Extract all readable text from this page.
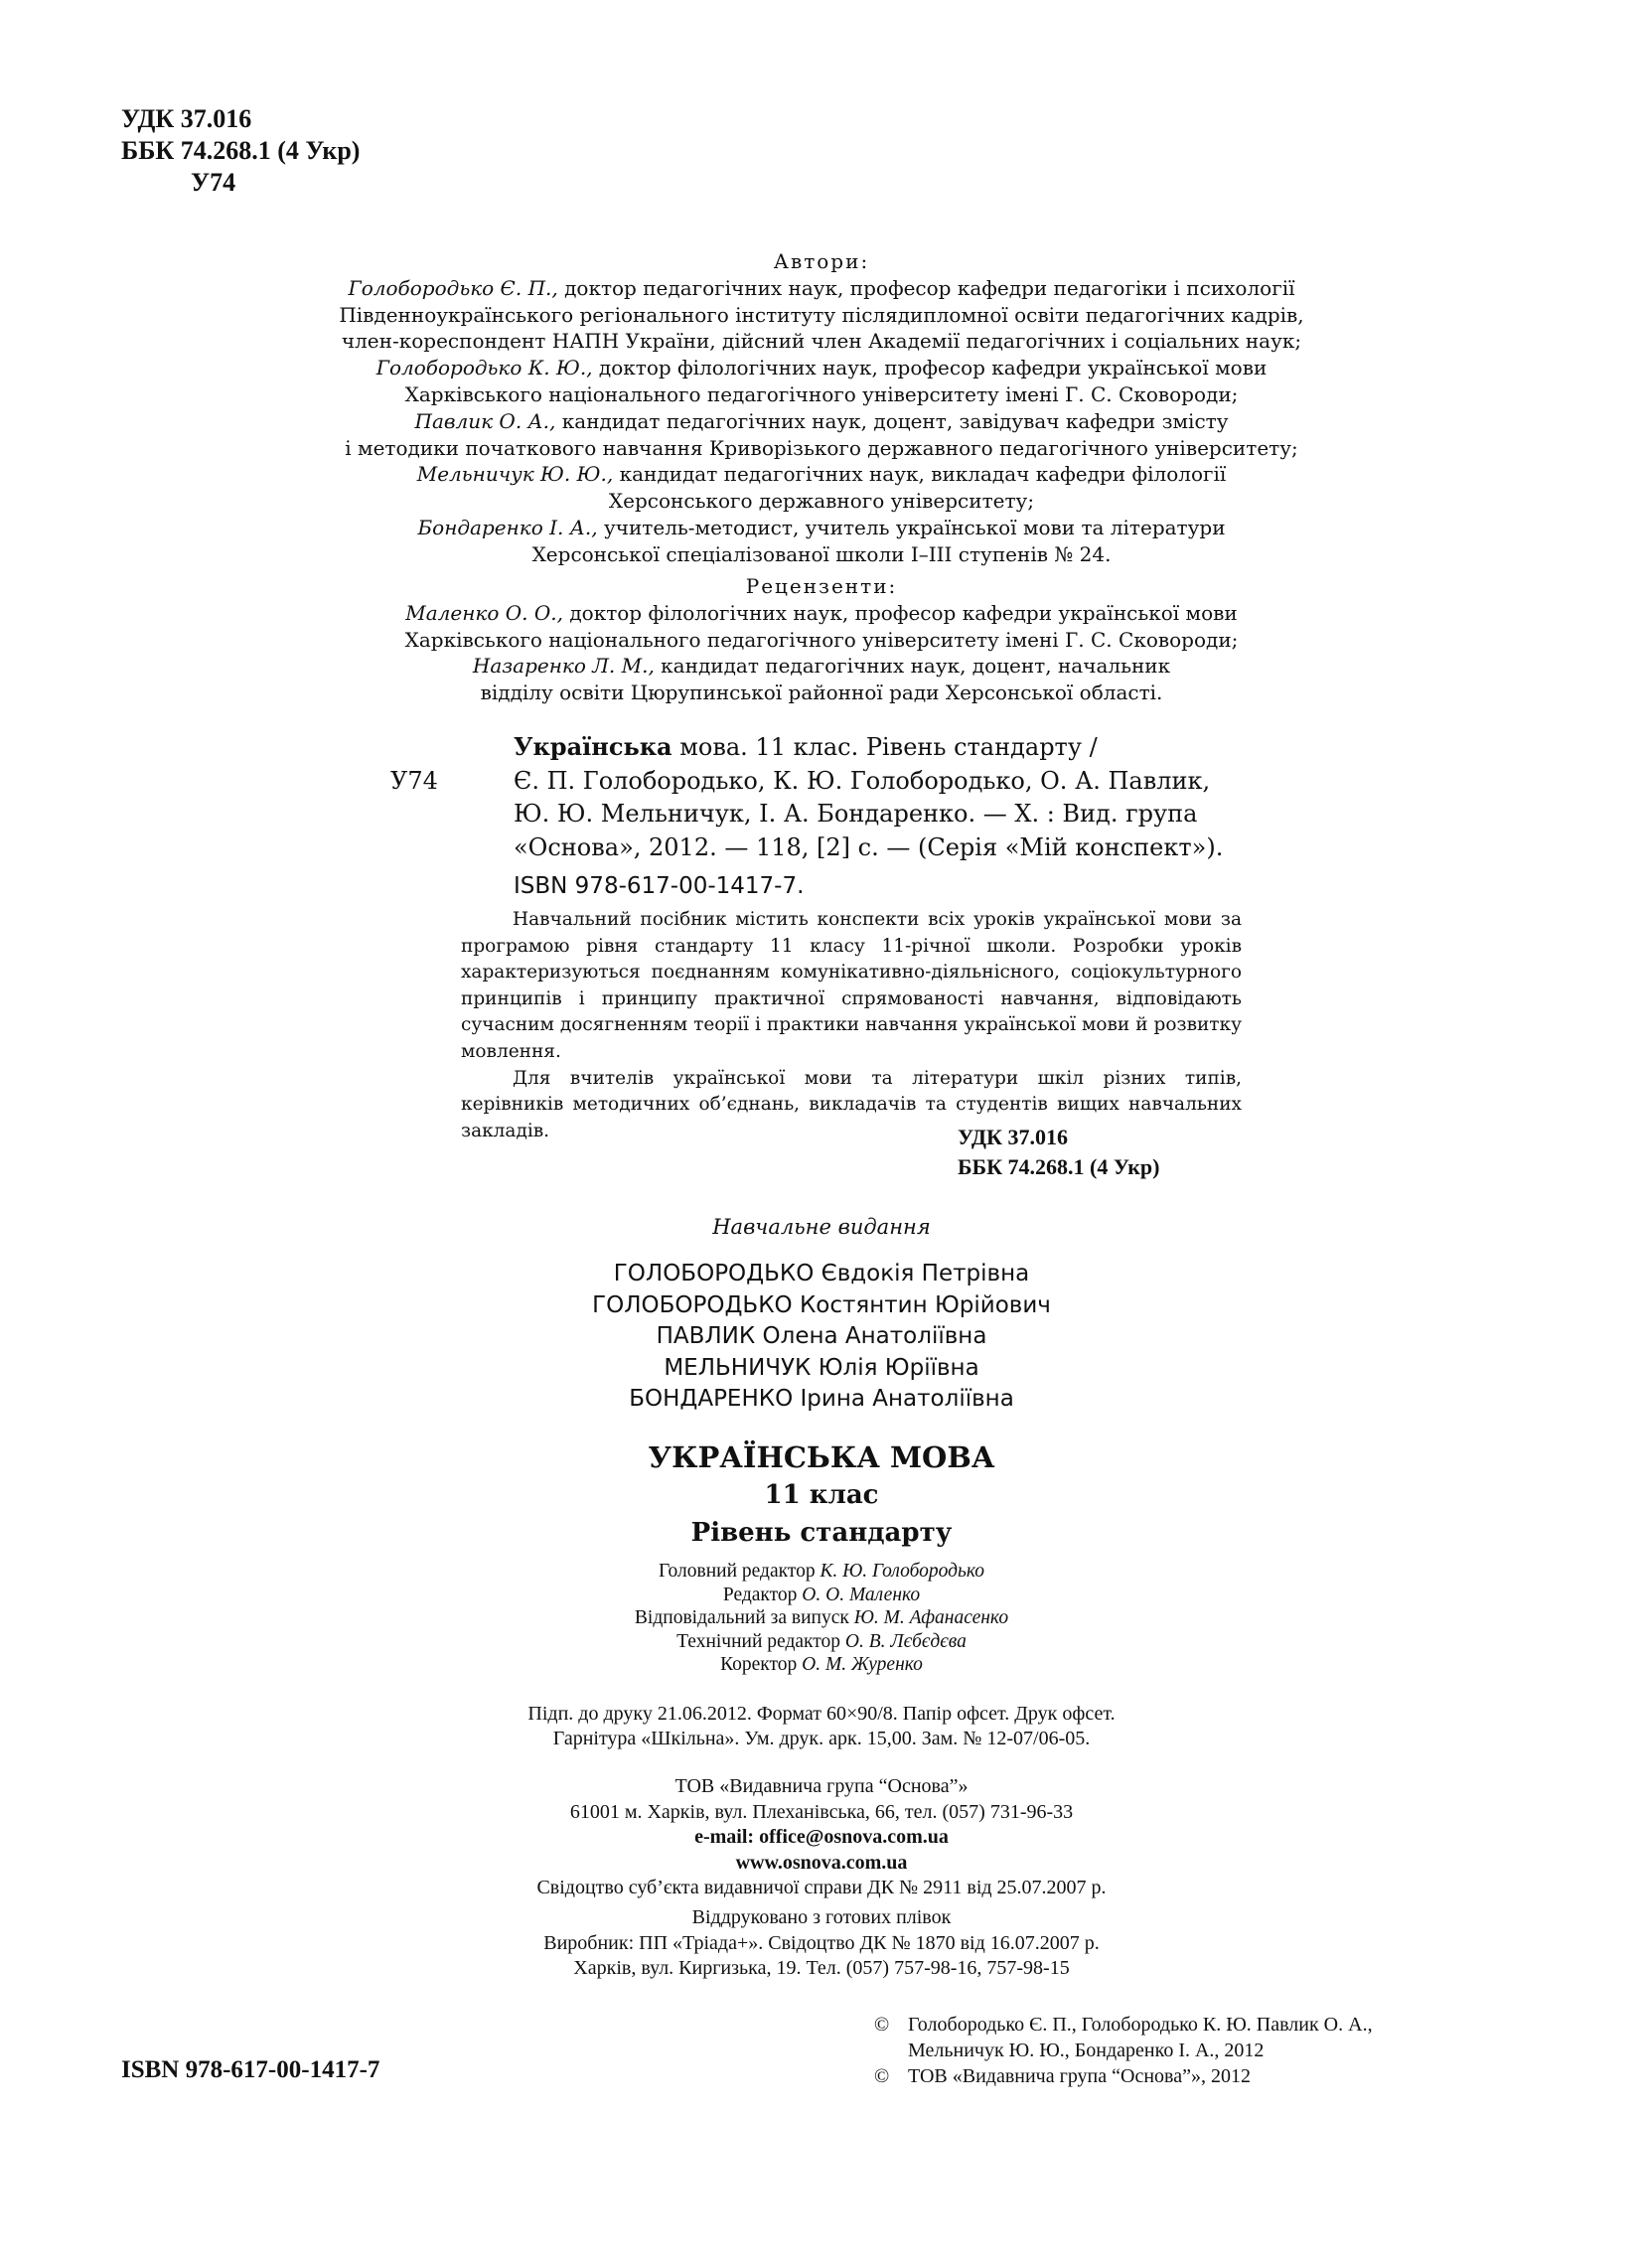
УДК 37.016
ББК 74.268.1 (4 Укр)
У74
Автори:
Голобородько Є. П., доктор педагогічних наук, професор кафедри педагогіки і психології
Південноукраїнського регіонального інституту післядипломної освіти педагогічних кадрів,
член-кореспондент НАПН України, дійсний член Академії педагогічних і соціальних наук;
Голобородько К. Ю., доктор філологічних наук, професор кафедри української мови
Харківського національного педагогічного університету імені Г. С. Сковороди;
Павлик О. А., кандидат педагогічних наук, доцент, завідувач кафедри змісту
і методики початкового навчання Криворізького державного педагогічного університету;
Мельничук Ю. Ю., кандидат педагогічних наук, викладач кафедри філології
Херсонського державного університету;
Бондаренко І. А., учитель-методист, учитель української мови та літератури
Херсонської спеціалізованої школи І–ІІІ ступенів № 24.
Рецензенти:
Маленко О. О., доктор філологічних наук, професор кафедри української мови
Харківського національного педагогічного університету імені Г. С. Сковороди;
Назаренко Л. М., кандидат педагогічних наук, доцент, начальник
відділу освіти Цюрупинської районної ради Херсонської області.
Українська мова. 11 клас. Рівень стандарту /
У74	Є. П. Голобородько, К. Ю. Голобородько, О. А. Павлик,
Ю. Ю. Мельничук, І. А. Бондаренко. — Х. : Вид. група
«Основа», 2012. — 118, [2] с. — (Серія «Мій конспект»).
ISBN 978-617-00-1417-7.

Навчальний посібник містить конспекти всіх уроків української мови за програмою рівня стандарту 11 класу 11-річної школи. Розробки уроків характеризуються поєднанням комунікативно-діяльнісного, соціокультурного принципів і принципу практичної спрямованості навчання, відповідають сучасним досягненням теорії і практики навчання української мови й розвитку мовлення.

Для вчителів української мови та літератури шкіл різних типів, керівників методичних об’єднань, викладачів та студентів вищих навчальних закладів.	УДК 37.016
ББК 74.268.1 (4 Укр)
Навчальне видання
ГОЛОБОРОДЬКО Євдокія Петрівна
ГОЛОБОРОДЬКО Костянтин Юрійович
ПАВЛИК Олена Анатоліївна
МЕЛЬНИЧУК Юлія Юріївна
БОНДАРЕНКО Ірина Анатоліївна
УКРАЇНСЬКА МОВА
11 клас
Рівень стандарту
Головний редактор К. Ю. Голобородько
Редактор О. О. Маленко
Відповідальний за випуск Ю. М. Афанасенко
Технічний редактор О. В. Лєбєдєва
Коректор О. М. Журенко
Підп. до друку 21.06.2012. Формат 60×90/8. Папір офсет. Друк офсет.
Гарнітура «Шкільна». Ум. друк. арк. 15,00. Зам. № 12-07/06-05.
ТОВ «Видавнича група “Основа”»
61001 м. Харків, вул. Плеханівська, 66, тел. (057) 731-96-33
e-mail: office@osnova.com.ua
www.osnova.com.ua
Свідоцтво суб’єкта видавничої справи ДК № 2911 від 25.07.2007 р.
Віддруковано з готових плівок
Виробник: ПП «Тріада+». Свідоцтво ДК № 1870 від 16.07.2007 р.
Харків, вул. Киргизька, 19. Тел. (057) 757-98-16, 757-98-15
ISBN 978-617-00-1417-7
© Голобородько Є. П., Голобородько К. Ю. Павлик О. А.,
Мельничук Ю. Ю., Бондаренко І. А., 2012
© ТОВ «Видавнича група “Основа”», 2012
